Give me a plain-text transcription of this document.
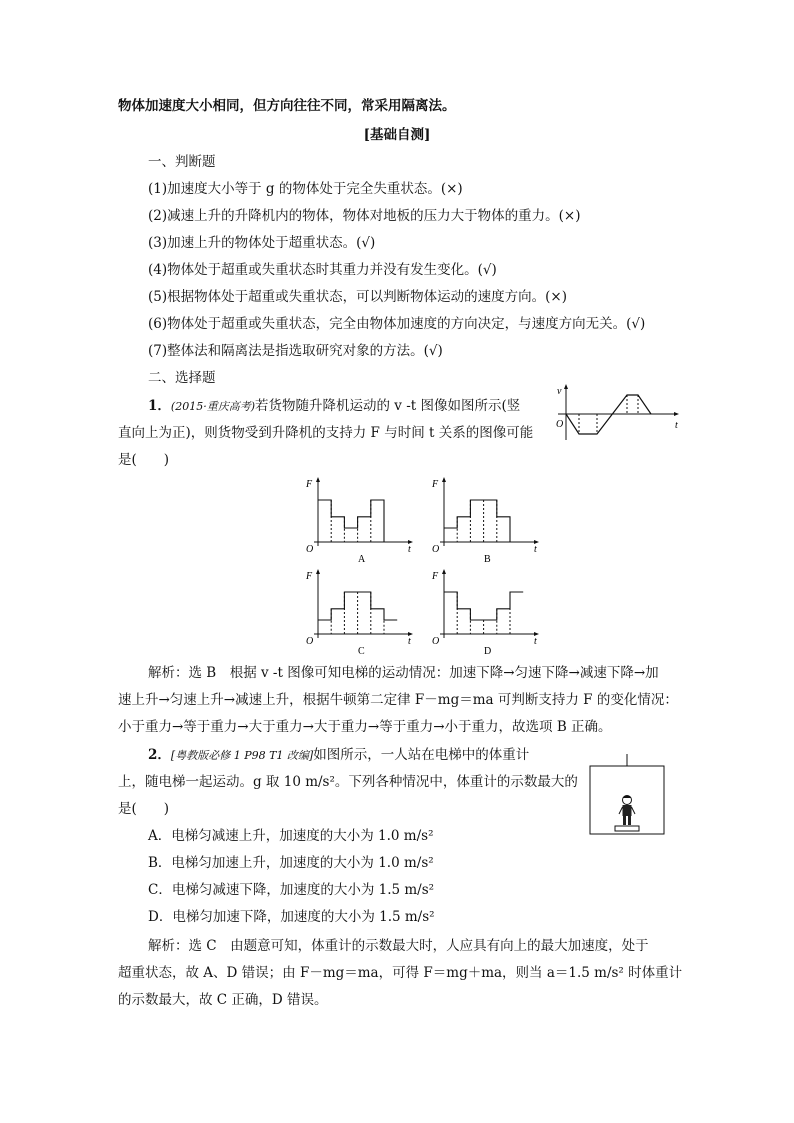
物体加速度大小相同，但方向往往不同，常采用隔离法。
[基础自测]
一、判断题
(1)加速度大小等于 g 的物体处于完全失重状态。(×)
(2)减速上升的升降机内的物体，物体对地板的压力大于物体的重力。(×)
(3)加速上升的物体处于超重状态。(√)
(4)物体处于超重或失重状态时其重力并没有发生变化。(√)
(5)根据物体处于超重或失重状态，可以判断物体运动的速度方向。(×)
(6)物体处于超重或失重状态，完全由物体加速度的方向决定，与速度方向无关。(√)
(7)整体法和隔离法是指选取研究对象的方法。(√)
二、选择题
1．(2015·重庆高考)若货物随升降机运动的 v -t 图像如图所示(竖
直向上为正)，则货物受到升降机的支持力 F 与时间 t 关系的图像可能
是(　　)
v
t
O
F
O	t
A
F
O	t
B
F
O	t
C
F
O	t
D
解析：选 B　根据 v -t 图像可知电梯的运动情况：加速下降→匀速下降→减速下降→加
速上升→匀速上升→减速上升，根据牛顿第二定律 F－mg＝ma 可判断支持力 F 的变化情况：
小于重力→等于重力→大于重力→大于重力→等于重力→小于重力，故选项 B 正确。
2．[粤教版必修 1 P98 T1 改编]如图所示，一人站在电梯中的体重计
上，随电梯一起运动。g 取 10 m/s²。下列各种情况中，体重计的示数最大的
是(　　)
A．电梯匀减速上升，加速度的大小为 1.0 m/s²
B．电梯匀加速上升，加速度的大小为 1.0 m/s²
C．电梯匀减速下降，加速度的大小为 1.5 m/s²
D．电梯匀加速下降，加速度的大小为 1.5 m/s²
解析：选 C　由题意可知，体重计的示数最大时，人应具有向上的最大加速度，处于
超重状态，故 A、D 错误；由 F－mg＝ma，可得 F＝mg＋ma，则当 a＝1.5 m/s² 时体重计
的示数最大，故 C 正确，D 错误。
